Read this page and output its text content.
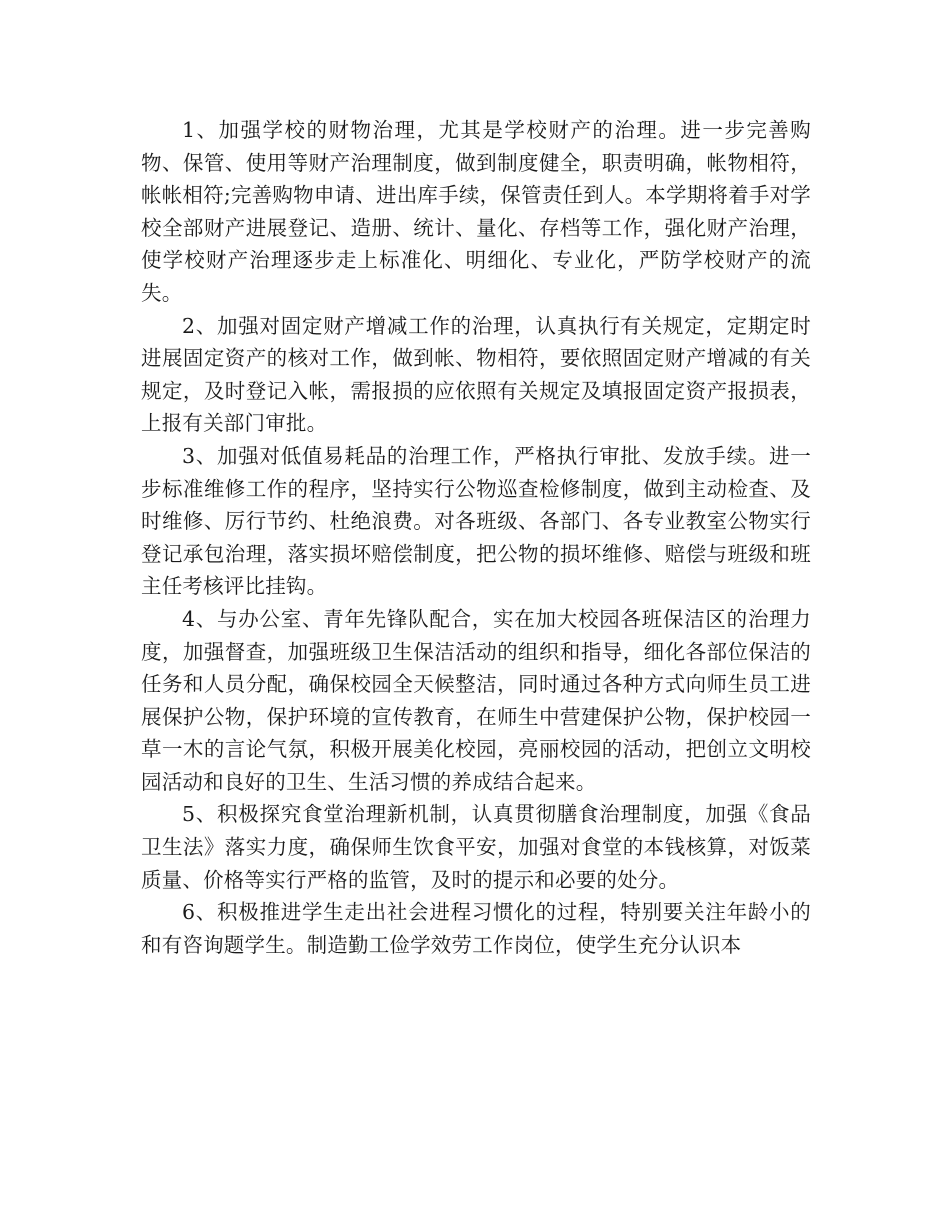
1、加强学校的财物治理，尤其是学校财产的治理。进一步完善购物、保管、使用等财产治理制度，做到制度健全，职责明确，帐物相符，帐帐相符;完善购物申请、进出库手续，保管责任到人。本学期将着手对学校全部财产进展登记、造册、统计、量化、存档等工作，强化财产治理，使学校财产治理逐步走上标准化、明细化、专业化，严防学校财产的流失。

2、加强对固定财产增减工作的治理，认真执行有关规定，定期定时进展固定资产的核对工作，做到帐、物相符，要依照固定财产增减的有关规定，及时登记入帐，需报损的应依照有关规定及填报固定资产报损表，上报有关部门审批。

3、加强对低值易耗品的治理工作，严格执行审批、发放手续。进一步标准维修工作的程序，坚持实行公物巡查检修制度，做到主动检查、及时维修、厉行节约、杜绝浪费。对各班级、各部门、各专业教室公物实行登记承包治理，落实损坏赔偿制度，把公物的损坏维修、赔偿与班级和班主任考核评比挂钩。

4、与办公室、青年先锋队配合，实在加大校园各班保洁区的治理力度，加强督查，加强班级卫生保洁活动的组织和指导，细化各部位保洁的任务和人员分配，确保校园全天候整洁，同时通过各种方式向师生员工进展保护公物，保护环境的宣传教育，在师生中营建保护公物，保护校园一草一木的言论气氛，积极开展美化校园，亮丽校园的活动，把创立文明校园活动和良好的卫生、生活习惯的养成结合起来。

5、积极探究食堂治理新机制，认真贯彻膳食治理制度，加强《食品卫生法》落实力度，确保师生饮食平安，加强对食堂的本钱核算，对饭菜质量、价格等实行严格的监管，及时的提示和必要的处分。

6、积极推进学生走出社会进程习惯化的过程，特别要关注年龄小的和有咨询题学生。制造勤工俭学效劳工作岗位，使学生充分认识本
